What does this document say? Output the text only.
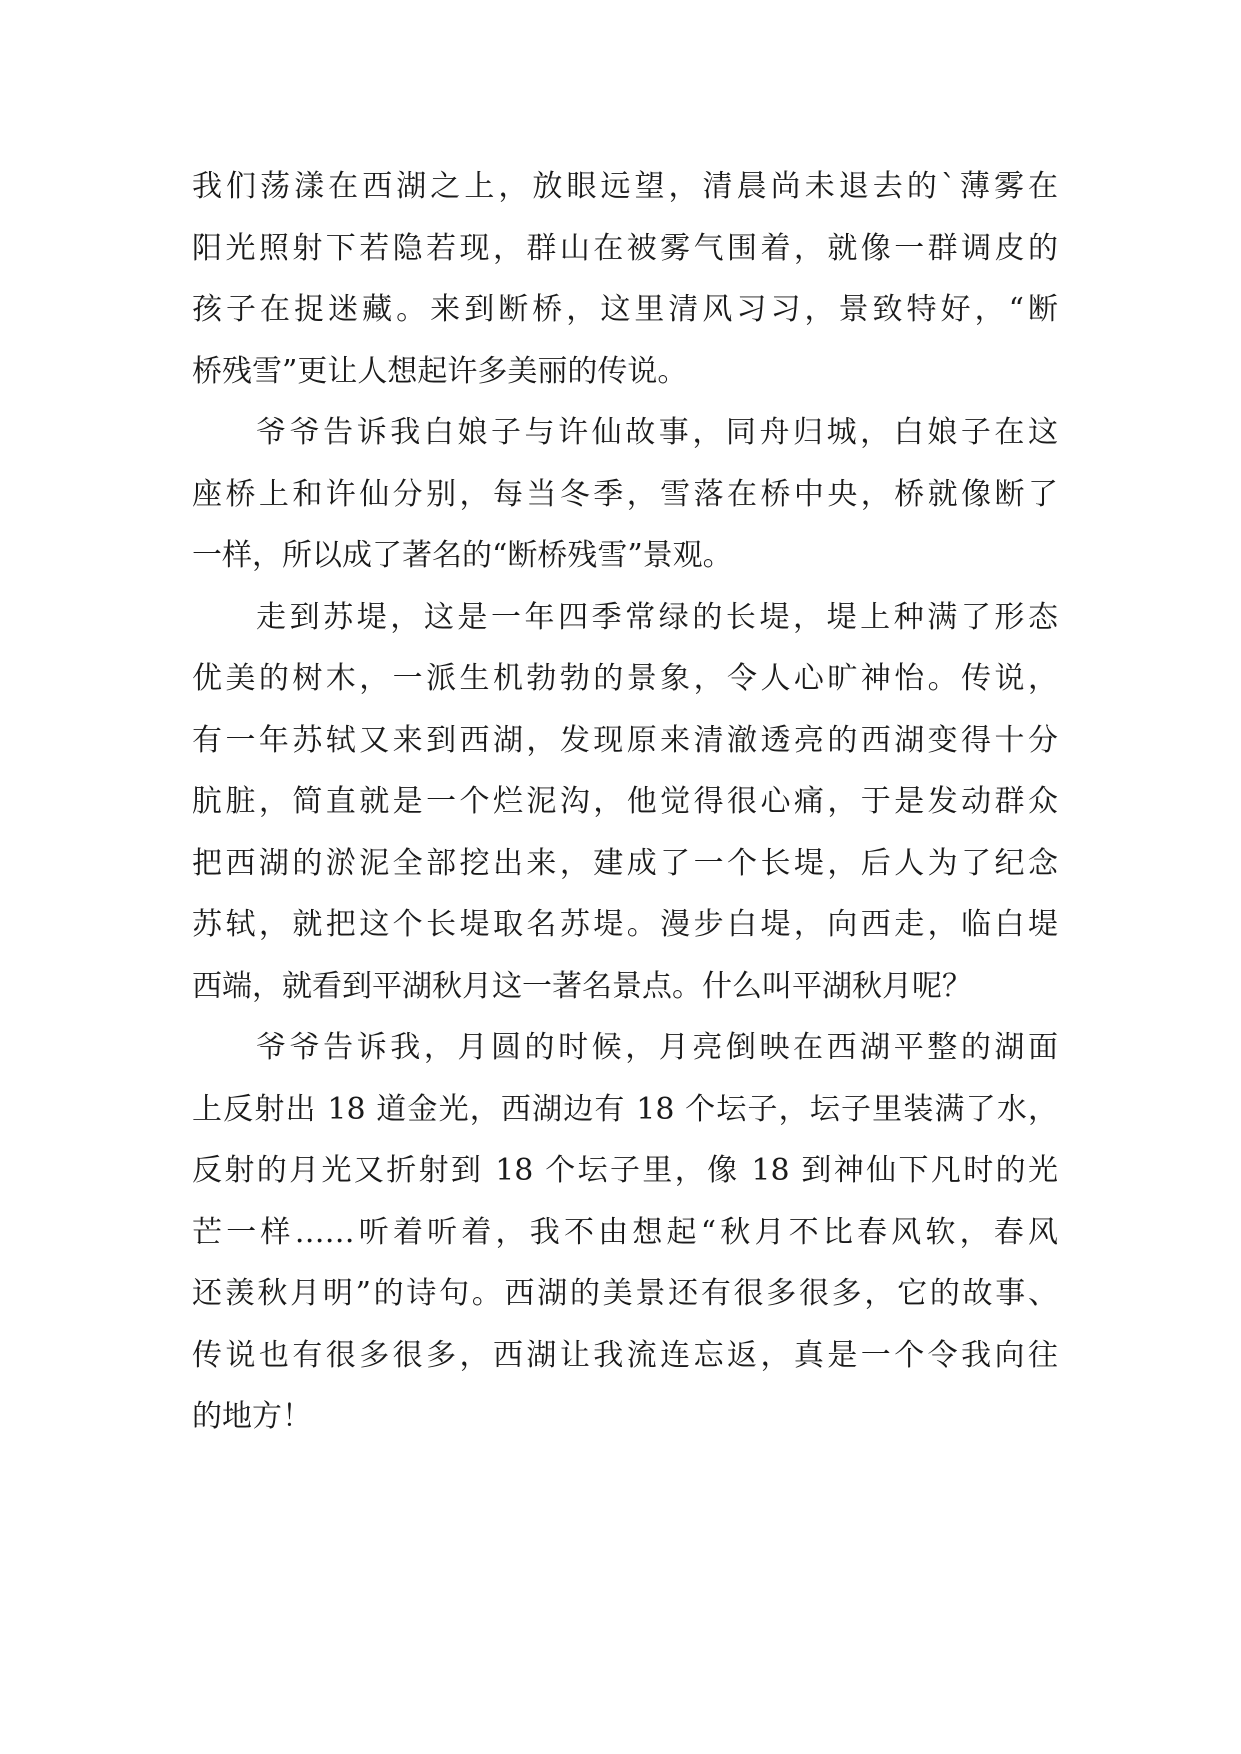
我们荡漾在西湖之上，放眼远望，清晨尚未退去的`薄雾在
阳光照射下若隐若现，群山在被雾气围着，就像一群调皮的
孩子在捉迷藏。来到断桥，这里清风习习，景致特好，“断
桥残雪”更让人想起许多美丽的传说。
爷爷告诉我白娘子与许仙故事，同舟归城，白娘子在这
座桥上和许仙分别，每当冬季，雪落在桥中央，桥就像断了
一样，所以成了著名的“断桥残雪”景观。
走到苏堤，这是一年四季常绿的长堤，堤上种满了形态
优美的树木，一派生机勃勃的景象，令人心旷神怡。传说，
有一年苏轼又来到西湖，发现原来清澈透亮的西湖变得十分
肮脏，简直就是一个烂泥沟，他觉得很心痛，于是发动群众
把西湖的淤泥全部挖出来，建成了一个长堤，后人为了纪念
苏轼，就把这个长堤取名苏堤。漫步白堤，向西走，临白堤
西端，就看到平湖秋月这一著名景点。什么叫平湖秋月呢？
爷爷告诉我，月圆的时候，月亮倒映在西湖平整的湖面
上反射出 18 道金光，西湖边有 18 个坛子，坛子里装满了水，
反射的月光又折射到 18 个坛子里，像 18 到神仙下凡时的光
芒一样……听着听着，我不由想起“秋月不比春风软，春风
还羡秋月明”的诗句。西湖的美景还有很多很多，它的故事、
传说也有很多很多，西湖让我流连忘返，真是一个令我向往
的地方！
